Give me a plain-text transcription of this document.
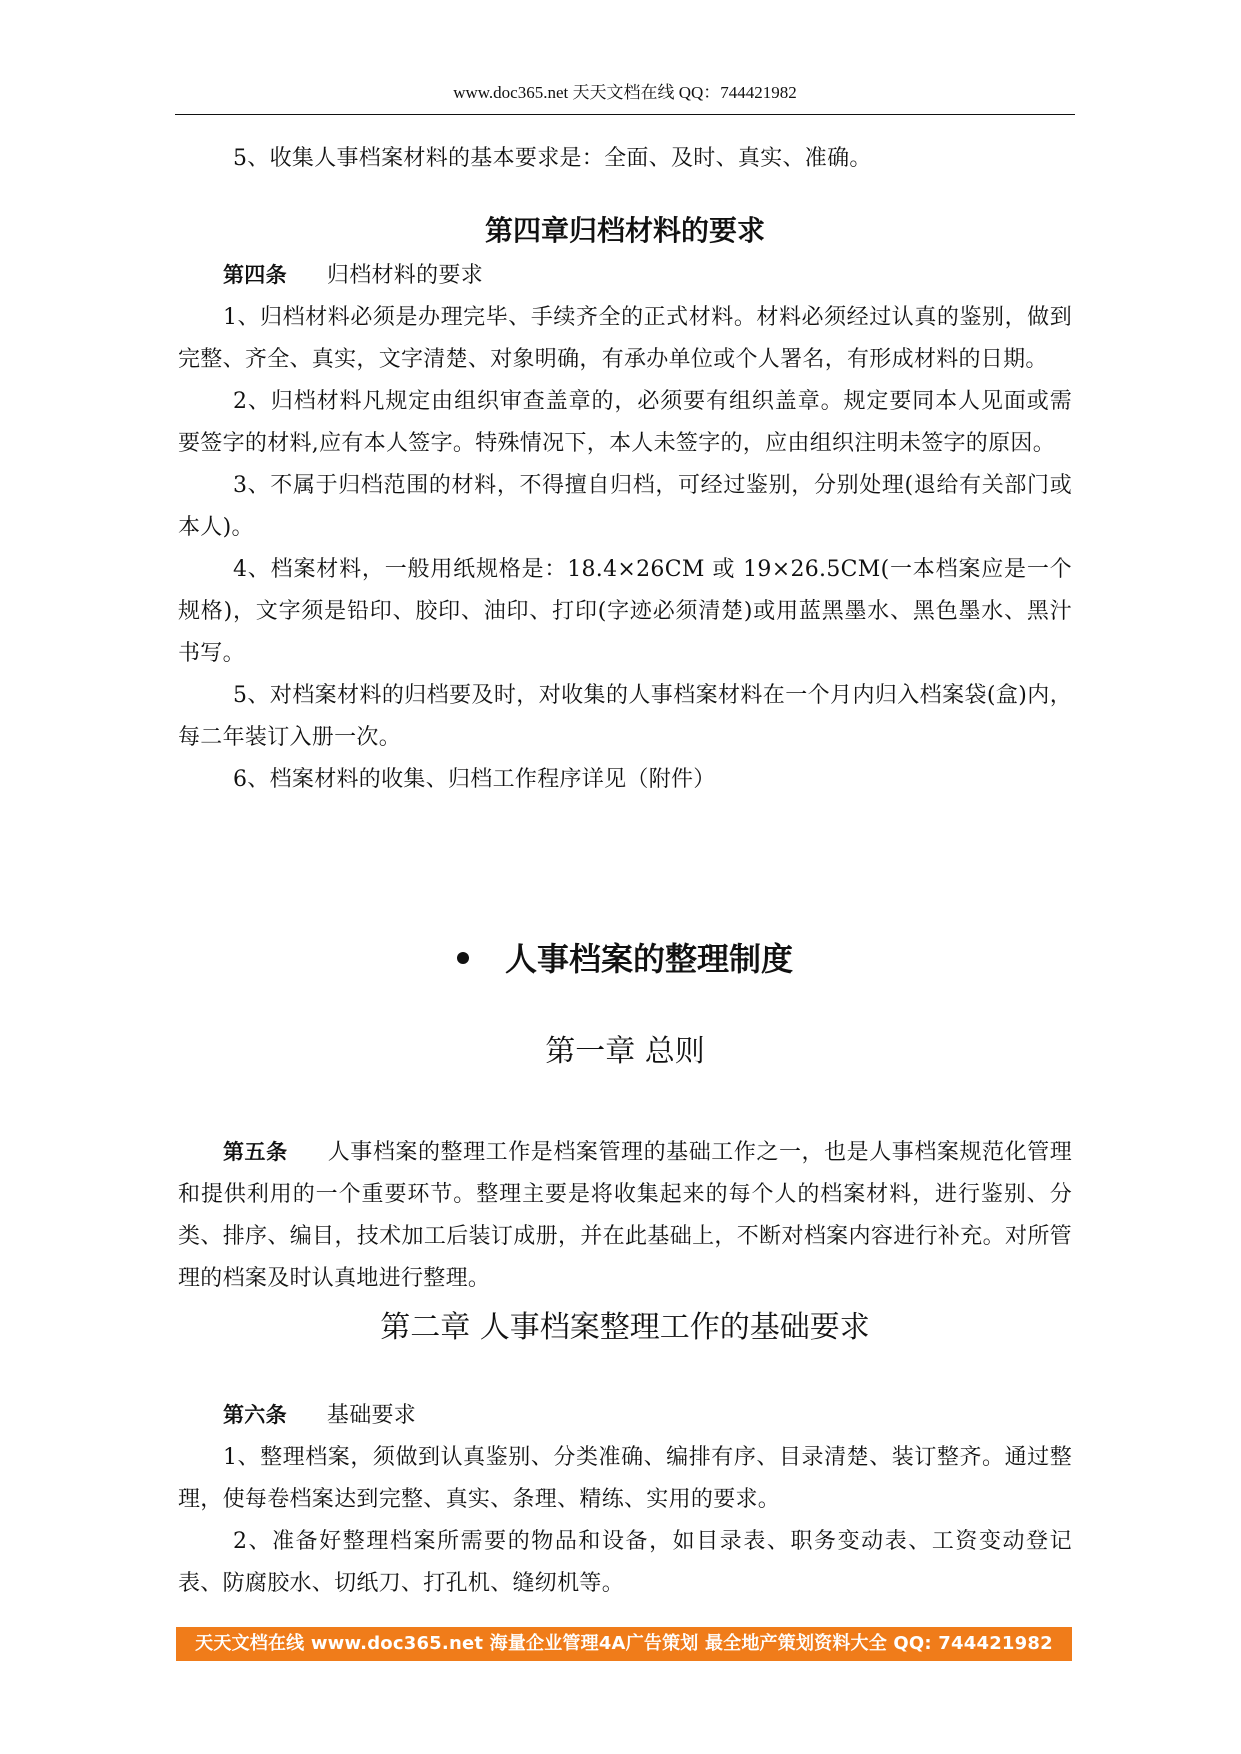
www.doc365.net 天天文档在线 QQ：744421982

5、收集人事档案材料的基本要求是：全面、及时、真实、准确。

第四章归档材料的要求

第四条 归档材料的要求

1、归档材料必须是办理完毕、手续齐全的正式材料。材料必须经过认真的鉴别，做到完整、齐全、真实，文字清楚、对象明确，有承办单位或个人署名，有形成材料的日期。

2、归档材料凡规定由组织审查盖章的，必须要有组织盖章。规定要同本人见面或需要签字的材料,应有本人签字。特殊情况下，本人未签字的，应由组织注明未签字的原因。

3、不属于归档范围的材料，不得擅自归档，可经过鉴别，分别处理(退给有关部门或本人)。

4、档案材料，一般用纸规格是：18.4×26CM 或 19×26.5CM(一本档案应是一个规格)，文字须是铅印、胶印、油印、打印(字迹必须清楚)或用蓝黑墨水、黑色墨水、黑汁书写。

5、对档案材料的归档要及时，对收集的人事档案材料在一个月内归入档案袋(盒)内，每二年装订入册一次。

6、档案材料的收集、归档工作程序详见（附件）

人事档案的整理制度
第一章 总则

第五条 人事档案的整理工作是档案管理的基础工作之一，也是人事档案规范化管理和提供利用的一个重要环节。整理主要是将收集起来的每个人的档案材料，进行鉴别、分类、排序、编目，技术加工后装订成册，并在此基础上，不断对档案内容进行补充。对所管理的档案及时认真地进行整理。

第二章 人事档案整理工作的基础要求

第六条 基础要求

1、整理档案，须做到认真鉴别、分类准确、编排有序、目录清楚、装订整齐。通过整理，使每卷档案达到完整、真实、条理、精练、实用的要求。

2、准备好整理档案所需要的物品和设备，如目录表、职务变动表、工资变动登记表、防腐胶水、切纸刀、打孔机、缝纫机等。

天天文档在线 www.doc365.net 海量企业管理4A广告策划 最全地产策划资料大全 QQ: 744421982
